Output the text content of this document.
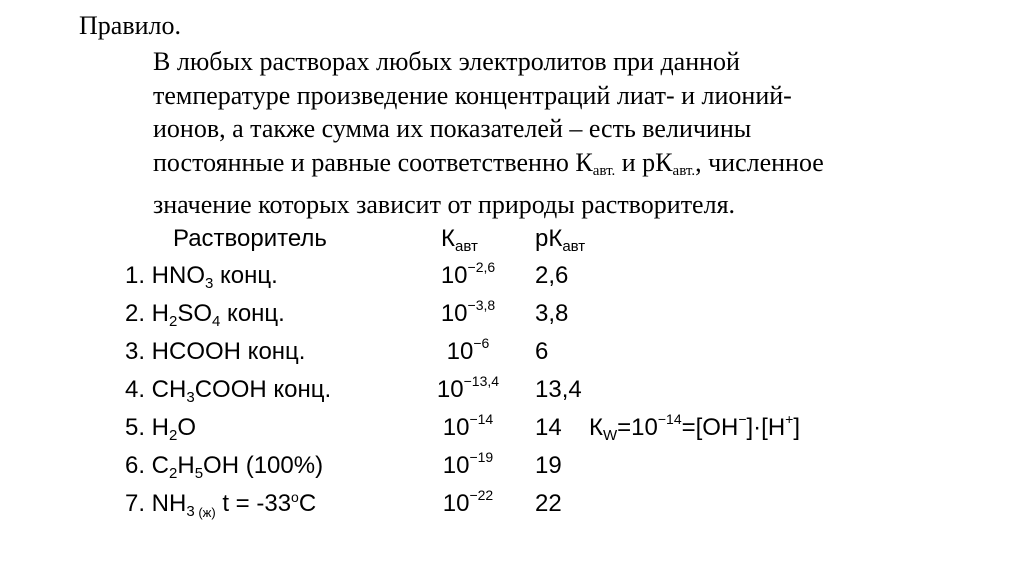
Правило.
В любых растворах любых электролитов при данной
температуре произведение концентраций лиат- и лионий-
ионов, а также сумма их показателей – есть величины
постоянные и равные соответственно Кавт. и рКавт., численное
значение которых зависит от природы растворителя.
Растворитель	$К_{авт}$ $рК_{авт}$
1. $HNO_3$ конц.	$10^{-2,6}$	2,6
2. $H_2SO_4$ конц.	$10^{-3,8}$	3,8
3. HCOOH конц.	$10^{-6}$	6
4. $CH_3COOH$ конц.	$10^{-13,4}$	13,4
5. $H_2O$	$10^{-14}$	14 $К_W=10^{-14}=[OH^-]\cdot[H^+]$
6. $C_2H_5OH$ (100%)	$10^{-19}$	19
7. $NH_3$ $_{(ж)}$ $t = -33^oC$	$10^{-22}$	22
